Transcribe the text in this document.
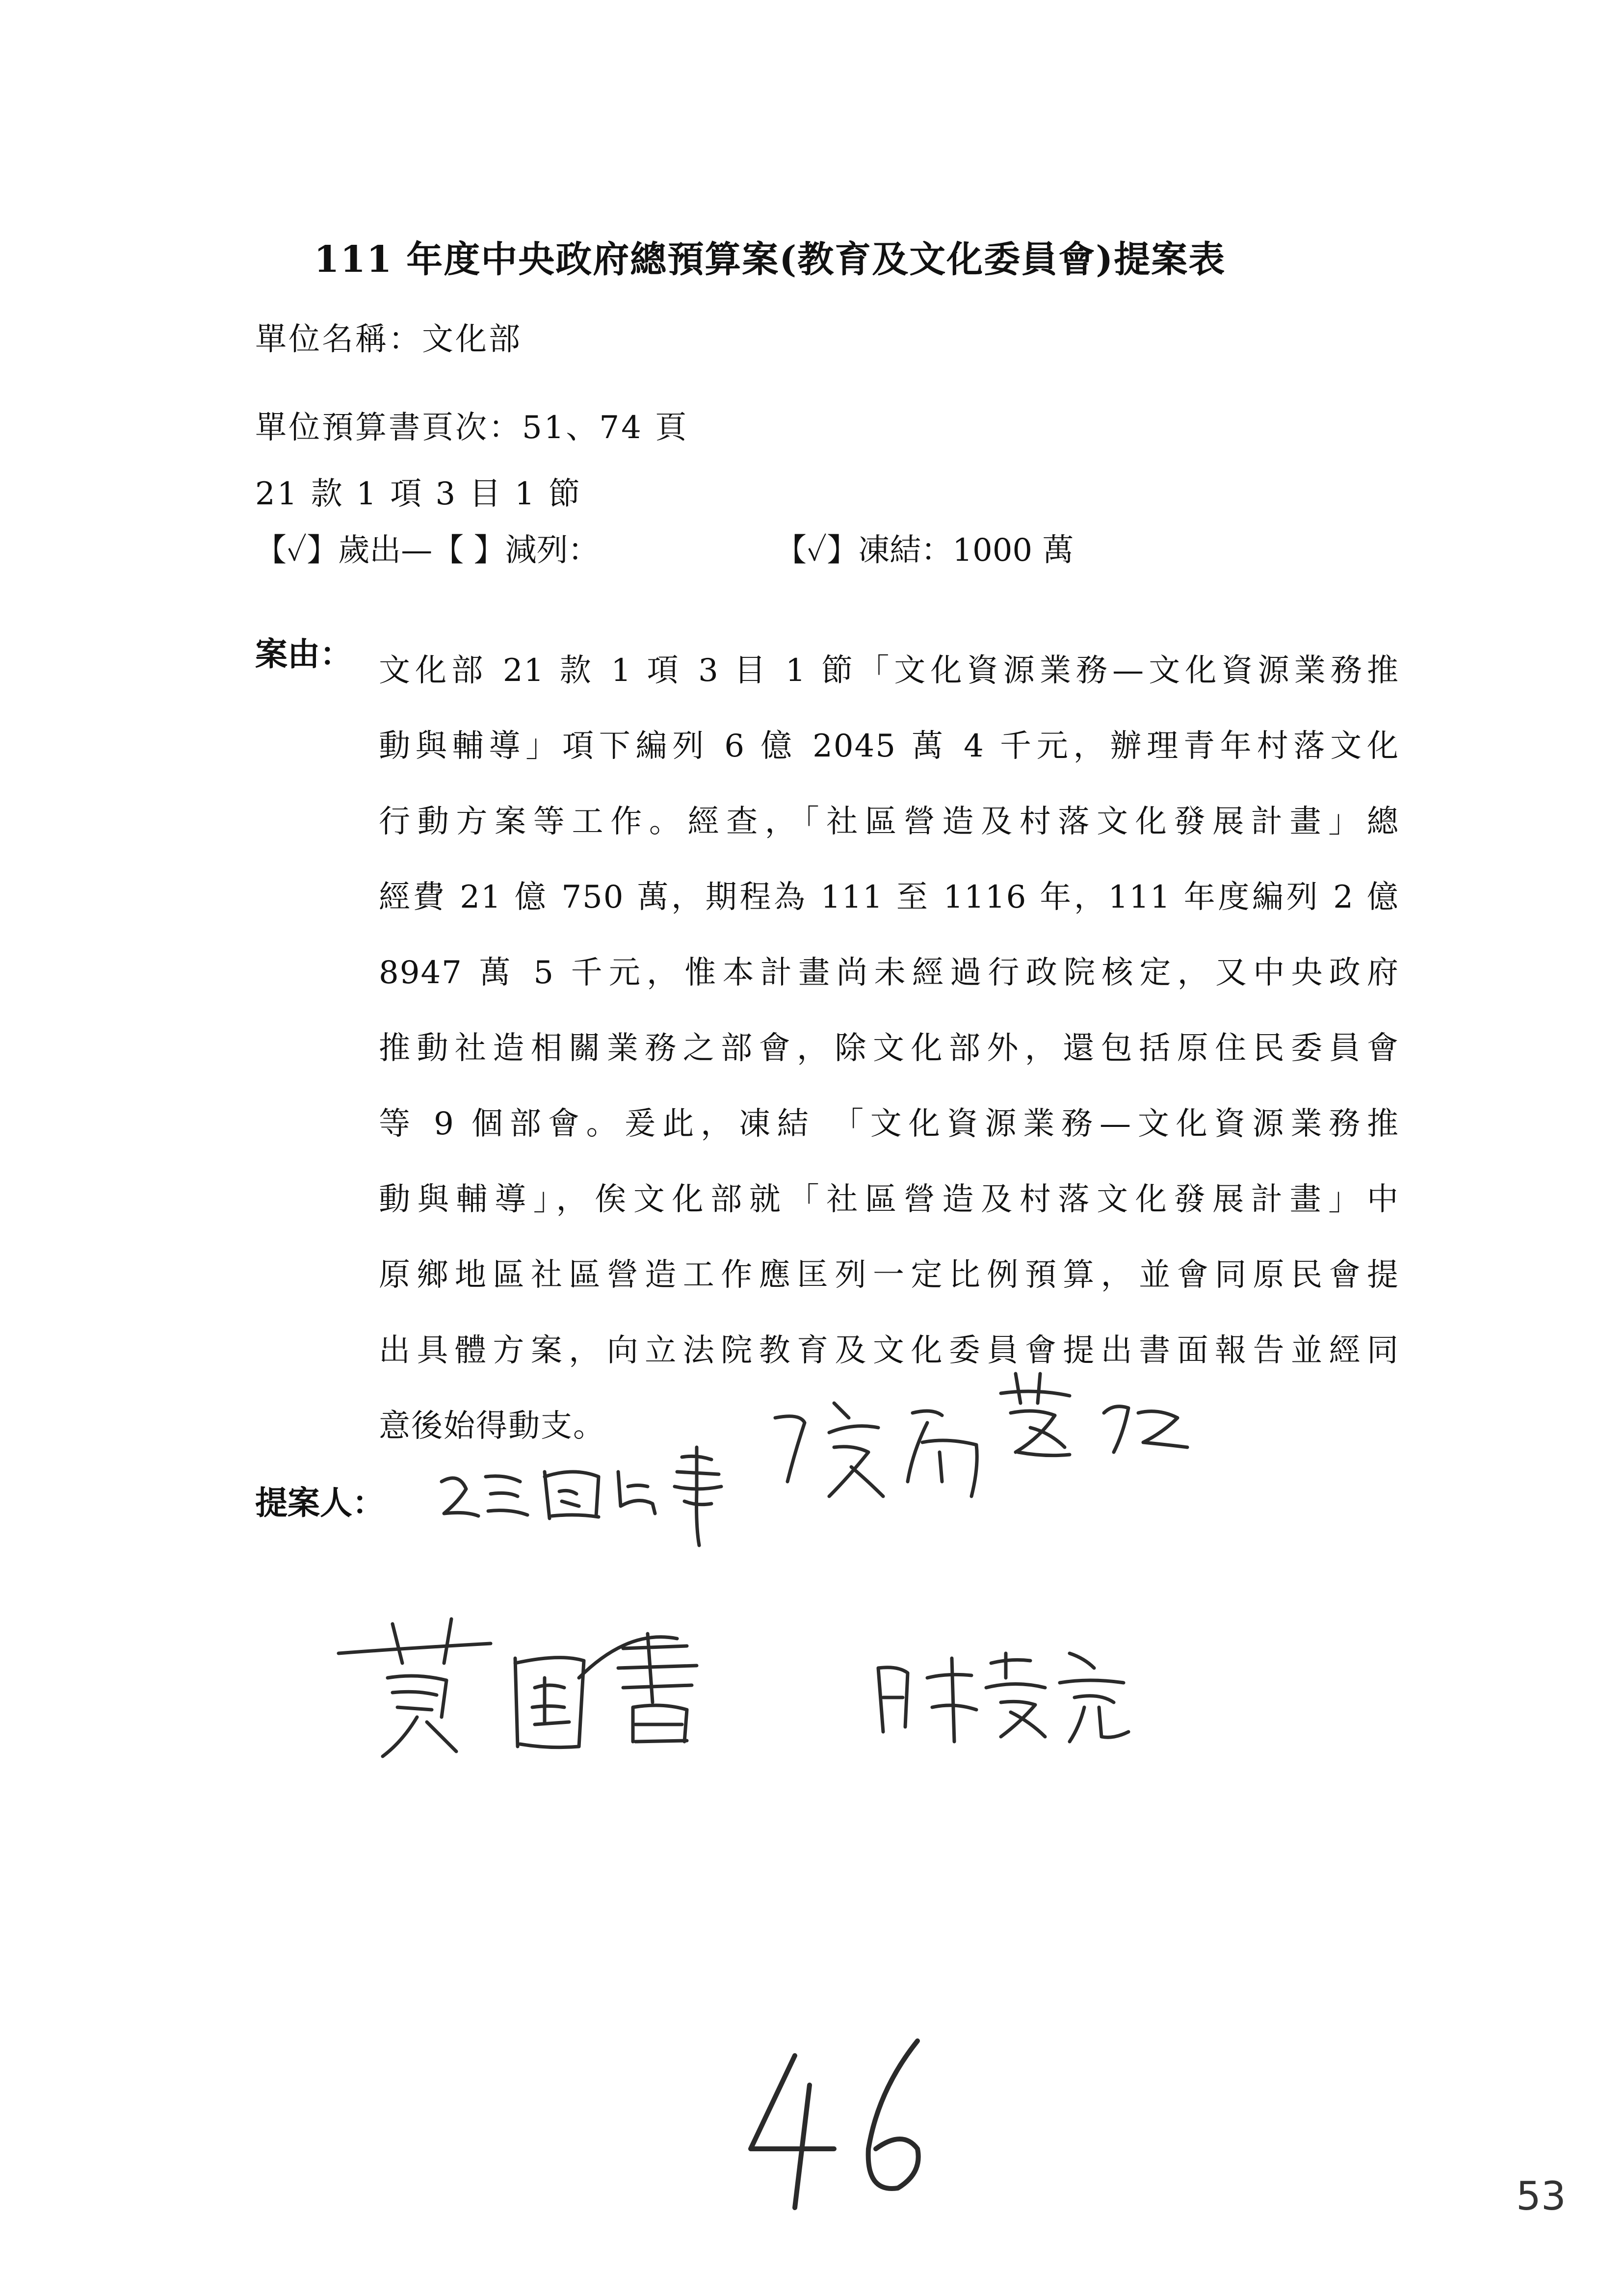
111 年度中央政府總預算案(教育及文化委員會)提案表
單位名稱：文化部
單位預算書頁次：51、74 頁
21 款 1 項 3 目 1 節
【✓】歲出—【 】減列：	【✓】凍結：1000 萬
案由： 文化部 21 款 1 項 3 目 1 節「文化資源業務—文化資源業務推
動與輔導」項下編列 6 億 2045 萬 4 千元，辦理青年村落文化
行動方案等工作。經查，「社區營造及村落文化發展計畫」總
經費 21 億 750 萬，期程為 111 至 1116 年，111 年度編列 2 億
8947 萬 5 千元，惟本計畫尚未經過行政院核定，又中央政府
推動社造相關業務之部會，除文化部外，還包括原住民委員會
等 9 個部會。爰此，凍結 「文化資源業務—文化資源業務推
動與輔導」，俟文化部就「社區營造及村落文化發展計畫」中
原鄉地區社區營造工作應匡列一定比例預算，並會同原民會提
出具體方案，向立法院教育及文化委員會提出書面報告並經同
意後始得動支。
提案人：
53
